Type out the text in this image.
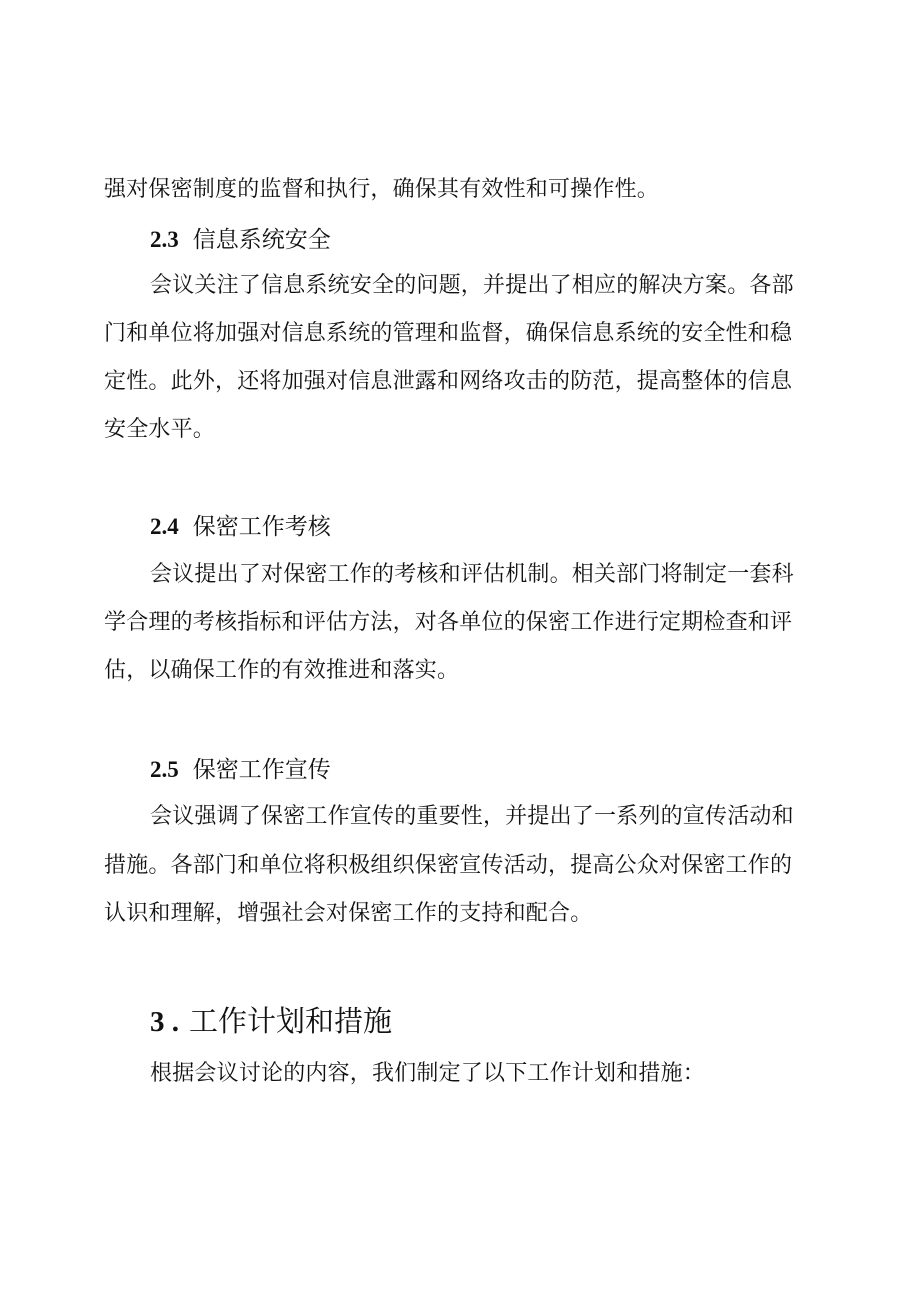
强对保密制度的监督和执行，确保其有效性和可操作性。
2.3 信息系统安全
会议关注了信息系统安全的问题，并提出了相应的解决方案。各部
门和单位将加强对信息系统的管理和监督，确保信息系统的安全性和稳
定性。此外，还将加强对信息泄露和网络攻击的防范，提高整体的信息
安全水平。
2.4 保密工作考核
会议提出了对保密工作的考核和评估机制。相关部门将制定一套科
学合理的考核指标和评估方法，对各单位的保密工作进行定期检查和评
估，以确保工作的有效推进和落实。
2.5 保密工作宣传
会议强调了保密工作宣传的重要性，并提出了一系列的宣传活动和
措施。各部门和单位将积极组织保密宣传活动，提高公众对保密工作的
认识和理解，增强社会对保密工作的支持和配合。
3 . 工作计划和措施
根据会议讨论的内容，我们制定了以下工作计划和措施：
